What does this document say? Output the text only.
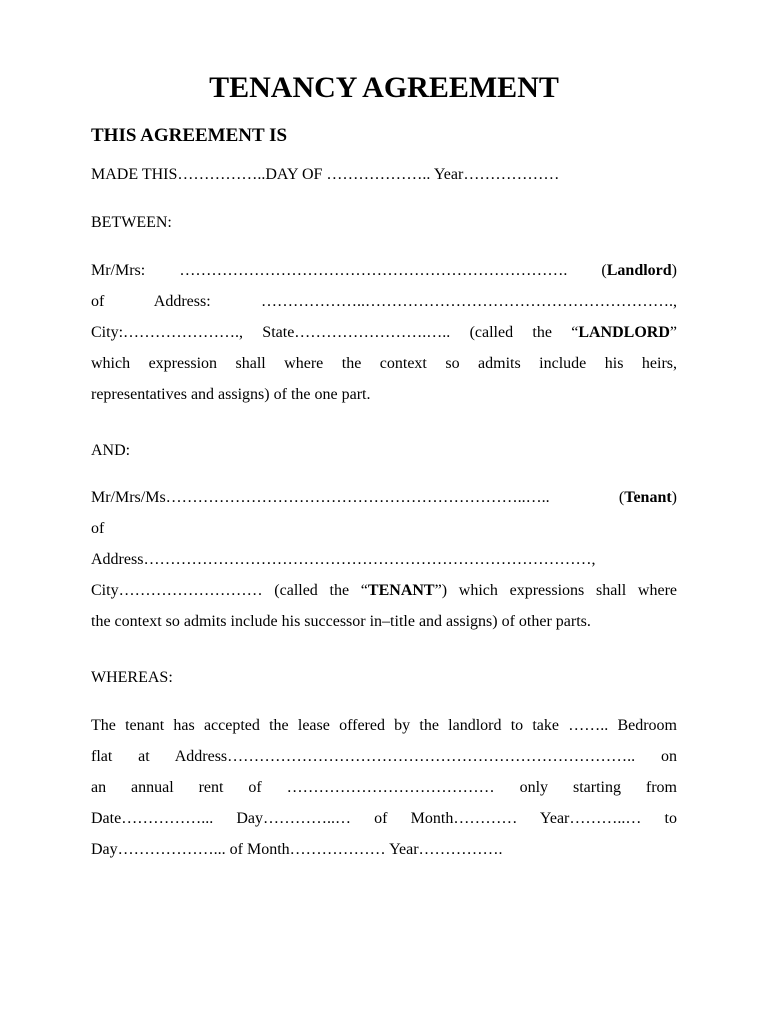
TENANCY AGREEMENT

THIS AGREEMENT IS

MADE THIS……………..DAY OF ……………….. Year………………

BETWEEN:

Mr/Mrs: ………………………………………………………………. (Landlord)
of Address: ………………..………………………………………………….,
City:…………………., State…………………….….. (called the “LANDLORD”
which expression shall where the context so admits include his heirs,
representatives and assigns) of the one part.

AND:

Mr/Mrs/Ms…………………………………………………………..….. (Tenant)
of
Address…………………………………………………………………………,
City……………………… (called the “TENANT”) which expressions shall where
the context so admits include his successor in–title and assigns) of other parts.

WHEREAS:

The tenant has accepted the lease offered by the landlord to take …….. Bedroom
flat at Address………………………………………………………………….. on
an annual rent of ………………………………… only starting from
Date……………... Day…………..… of Month………… Year………..… to
Day………………... of Month……………… Year…………….
